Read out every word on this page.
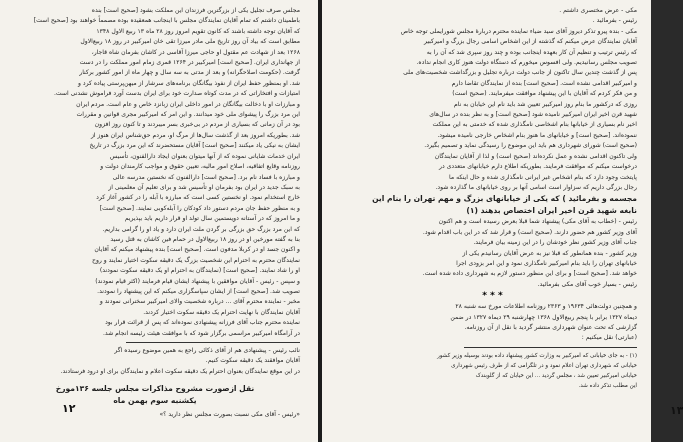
مجلس صرف تجلیل یکی از بزرگترین فرزندان این مملکت بشود [صحیح است] بنده
باطمینان داشتم که تمام آقایان نمایندگان مجلس با اینجانب همعقیده بوده مصمماً خواهند بود [صحیح است]
که آقایان توجه داشته باشند که کانون تقویم امروز روز ۲۸ ماه ۱۳ ربیع الاول ۱۳۴۸
مطابق است که بیاد آن روز تاریخ ملی مادر میرزا تقی خان امیرکبیر در روز ۱۸ ربیع‌الاول
۱۲۶۸ بعد از شهادت عم مقتول او حاجی میرزا آقاسی در کاشان بفرمان شاه قاجار،
از جهانداری ایران. [صحیح است] امیرکبیر در ۱۲۶۴ قمری زمام امور مملکت را در دست
گرفت. (حکومت اصلاحگرانه) و بعد از مدتی به سه سال و چهار ماه از امور کشور برکنار
شد. او بمنظور حفظ ایران از نفوذ بیگانگان برنامه‌های سرشار از میهن‌پرستی پیاده کرد و
امتیازات و افتخاراتی که در مدت کوتاه صدارت خود برای ایران بدست آورد فراموش نشدنی است.
و مبارزات او با دخالت بیگانگان در امور داخلی ایران زبانزد خاص و عام است. مردم ایران
این مرد بزرگ را پیشوای ملی خود میدانند. و این امر که امیرکبیر مجری قوانین و مقررات
بود در آن زمانی که بسیاری از مردم در بی‌خبری بسر میبردند و تا کنون روز افزون
شد. بطوریکه امروز بعد از گذشت سال‌ها از مرگ او، مردم حق‌شناس ایران هنوز از
ایشان به نیکی یاد میکنند [صحیح است] آقایان مستحضرند که این مرد بزرگ در تاریخ
ایران خدمات شایانی نموده که از آنها میتوان بعنوان ایجاد دارالفنون، تأسیس
روزنامه وقایع اتفاقیه، اصلاح امور مالیه، تعیین حقوق و مواجب کارمندان دولت و
و مبارزه با فساد نام برد. [صحیح است] دارالفنون که نخستین مدرسه عالی
به سبک جدید در ایران بود بفرمان او تأسیس شد و برای تعلیم آن معلمینی از
خارج استخدام نمود. او نخستین کسی است که مبارزه با آبله را در کشور آغاز کرد
و به منظور حفظ جان مردم دستور داد کودکان را آبله‌کوبی نمایند. [صحیح است]
و ما امروز که در آستانه دویستمین سال تولد او قرار داریم باید بپذیریم
که این مرد بزرگ حق بزرگی بر گردن ملت ایران دارد و یاد او را گرامی بداریم.
بنا به گفته مورخین او در روز ۱۸ ربیع‌الاول در حمام فین کاشان به قتل رسید
و اکنون جسد او در کربلا مدفون است. [صحیح است] بنده پیشنهاد میکنم که آقایان
نمایندگان محترم به احترام این شخصیت بزرگ یک دقیقه سکوت اختیار نمایند و روح
او را شاد نمایند. [صحیح است] (نمایندگان به احترام او یک دقیقه سکوت نمودند)
و سپس - رئیس - آقایان موافقین با پیشنهاد ایشان قیام فرمایند (اکثر قیام نمودند)
تصویب شد. [صحیح است] از ایشان سپاسگزاری میکنم که این پیشنهاد را نمودند.
مخبر - نماینده محترم آقای ... درباره شخصیت والای امیرکبیر سخنرانی نمودند و
آقایان نمایندگان با نهایت احترام یک دقیقه سکوت اختیار کردند.
نماینده محترم جناب آقای فرزانه پیشنهادی نموده‌اند که پس از قرائت قرار بود
در آرامگاه امیرکبیر مراسمی برگزار شود که با موافقت هیئت رئیسه انجام شد.
نائب رئیس - پیشنهادی هم از آقای ذکائی راجع به همین موضوع رسیده اگر
آقایان موافقند یک دقیقه سکوت کنیم.
در این موقع نمایندگان بعنوان احترام یک دقیقه سکوت اعلام و نمایندگان برای او درود فرستادند.
نقل ازصورت مشروح مذاکرات مجلس جلسه ۱۳۶مورخ
یکشنبه سوم بهمن ماه
«رئیس - آقای مکی نسبت بصورت مجلس نظر دارید ؟»
۱۲
مکی - عرض مختصری داشتم .
رئیس - بفرمائید .
مکی - بنده پیرو تذکر دیروز آقای سید ضیاء نماینده محترم دربارهٔ مجلس شورایملی توجه خاص
آقایان نمایندگان عرض میکنم که گذشته از این اشخاص اسامی رجال بزرگ و امیرکبیر
که رئیس ترتیب و تنظیم آن کار بعهده اینجانب بوده و چند روز سپری شد که آن را به
تصویب مجلس رسانیدیم. ولی افسوس میخورم که دستگاه دولت هنوز کاری انجام نداده.
پس از گذشت چندین سال تاکنون از جانب دولت درباره تجلیل و بزرگداشت شخصیت‌های ملی
و امیرکبیر اقدامی نشده است. [صحیح است] بنده از نمایندگان تقاضا دارم
و من فکر کردم که آقایان با این پیشنهاد موافقت میفرمایند. (صحیح است)
روزی که درکشور ما بنام روز امیرکبیر تعیین شد باید نام این خیابان به نام
شهید قرن اخیر ایران امیرکبیر نامیده شود [صحیح است] و به نظر بنده در سال‌های
اخیر نام بسیاری از خیابانها بنام اشخاصی نامگذاری شده که خدمتی به این مملکت
ننموده‌اند. [صحیح است] و خیابانهای ما هنوز بنام اشخاص خارجی نامیده میشود.
(صحیح است) شورای شهرداری هم باید این موضوع را رسیدگی نماید و تصمیم بگیرد.
ولی تاکنون اقدامی نشده و عمل نکرده‌اند (صحیح است) و لذا از آقایان نمایندگان
درخواست میکنم که موافقت فرمایند. بطوریکه اطلاع دارم خیابانهای متعددی در
پایتخت وجود دارد که بنام اشخاص غیر ایرانی نامگذاری شده و حال اینکه ما
رجال بزرگی داریم که سزاوار است اسامی آنها بر روی خیابانهای ما گذارده شود.
مجسمه و بفرمائید ) که یکی از خیابانهای بزرگ و مهم تهران را بنام این
نابغه شهید قرن اخیر ایران اختصاص بدهند (۱)
رئیس - (خطاب به آقای مکی) پیشنهاد شما قبلا بعرض رسیده است و هم اکنون
آقای وزیر کشور هم حضور دارند. (صحیح است) و قرار شد که در این باب اقدام شود.
جناب آقای وزیر کشور نظر خودشان را در این زمینه بیان فرمایند.
وزیر کشور - بنده همانطور که قبلا نیز به عرض آقایان رسانیدم یکی از
خیابانهای تهران را باید بنام امیرکبیر نامگذاری نمود و این امر بزودی اجرا
خواهد شد. [صحیح است] و برای این منظور دستور لازم به شهرداری داده شده است.
رئیس - بسیار خوب آقای مکی بفرمائید.
* * *
و همچنین دولت‌هائی ۱۹۶۳۴ و ۲۳۶۳ روزنامه اطلاعات مورخ سه شنبه ۲۸
دیماه ۱۳۲۷ برابر با پنجم ربیع‌الاول ۱۳۶۸ چهارشنبه ۲۹ دیماه ۱۳۲۷ در ضمن
گزارشی که تحت عنوان شهرداری منتشر گردید با نقل از آن روزنامه.
(عبارتی) نقل میکنیم :
(۱) - به جای خیابانی که امیرکبیر به وزارت کشور پیشنهاد داده بودند بوسیله وزیر کشور
خیابانی که شهرداری تهران اعلام نمود و در تلگرامی که از طرف رئیس شهرداری
خیابانی امیرکبیر تعیین شد ، مجلس گردید ... این خیابان که از گلوبندک
این مطلب تذکر داده شد.
۱۳
